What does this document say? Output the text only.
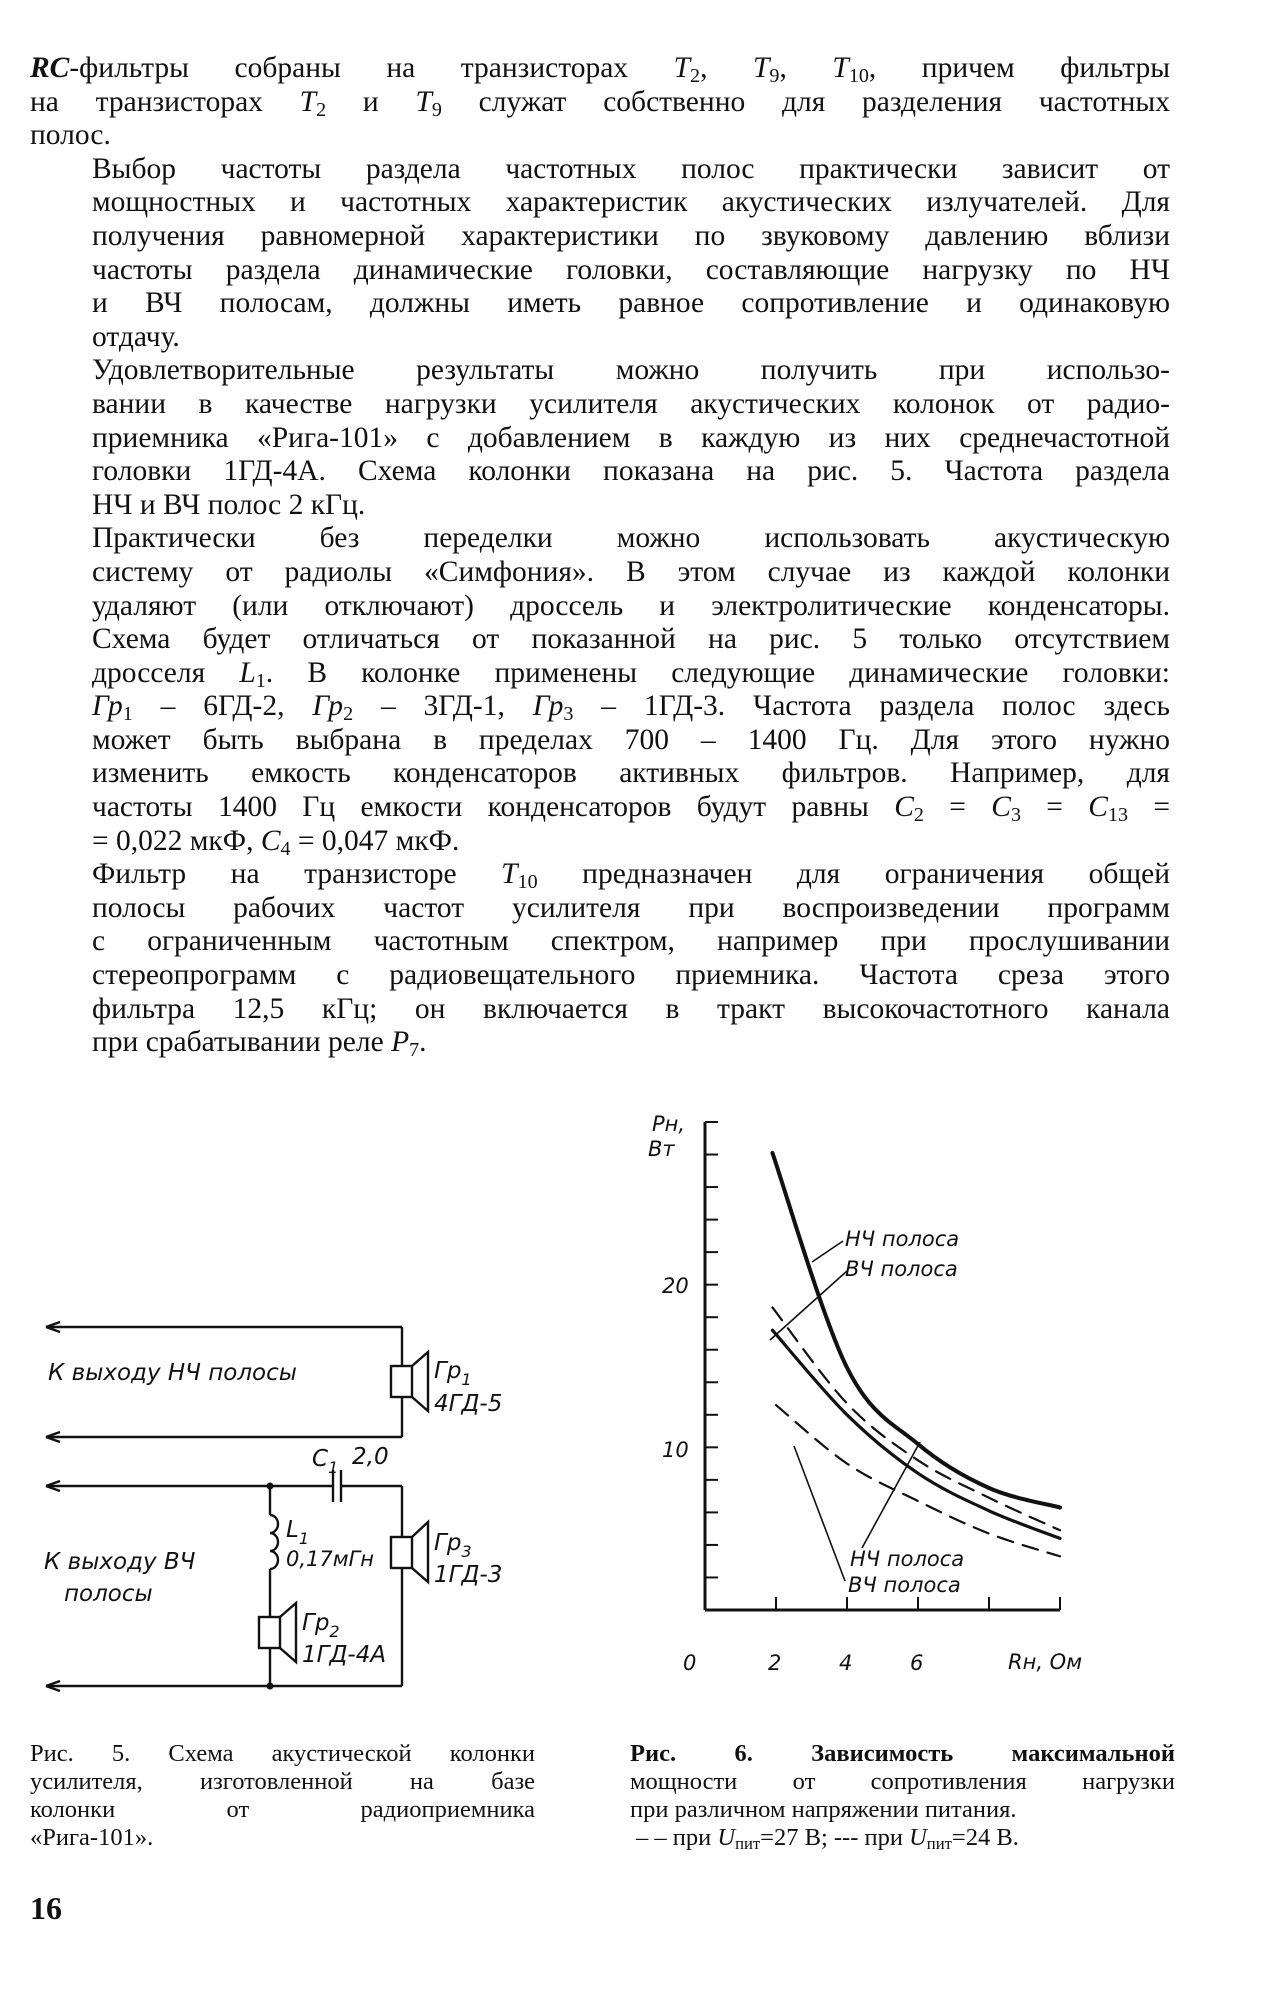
RC-фильтры собраны на транзисторах $T_2$, $T_9$, $T_{10}$, причем фильтры
на транзисторах $T_2$ и $T_9$ служат собственно для разделения частотных
полос.

Выбор частоты раздела частотных полос практически зависит от
мощностных и частотных характеристик акустических излучателей. Для
получения равномерной характеристики по звуковому давлению вблизи
частоты раздела динамические головки, составляющие нагрузку по НЧ
и ВЧ полосам, должны иметь равное сопротивление и одинаковую
отдачу.

Удовлетворительные результаты можно получить при использо-
вании в качестве нагрузки усилителя акустических колонок от радио-
приемника «Рига-101» с добавлением в каждую из них среднечастотной
головки 1ГД-4А. Схема колонки показана на рис. 5. Частота раздела
НЧ и ВЧ полос 2 кГц.

Практически без переделки можно использовать акустическую
систему от радиолы «Симфония». В этом случае из каждой колонки
удаляют (или отключают) дроссель и электролитические конденсаторы.
Схема будет отличаться от показанной на рис. 5 только отсутствием
дросселя $L_1$. В колонке применены следующие динамические головки:
$Гр_1 - 6ГД-2$, $Гр_2 - 3ГД-1$, $Гр_3 - 1ГД-3$. Частота раздела полос здесь
может быть выбрана в пределах 700 – 1400 Гц. Для этого нужно
изменить емкость конденсаторов активных фильтров. Например, для
частоты 1400 Гц емкости конденсаторов будут равны $C_2 = C_3 = C_{13}$ =
= 0,022 мкФ, $C_4 = 0,047$ мкФ.

Фильтр на транзисторе $T_{10}$ предназначен для ограничения общей
полосы рабочих частот усилителя при воспроизведении программ
с ограниченным частотным спектром, например при прослушивании
стереопрограмм с радиовещательного приемника. Частота среза этого
фильтра 12,5 кГц; он включается в тракт высокочастотного канала
при срабатывании реле $P_7$.

К выходу НЧ полосы	$Гр_1$
4ГД-5
$C_1$ 2,0
$L_1$
0,17мГн
$Гр_3$
1ГД-3
К выходу ВЧ
полосы
$Гр_2$
1ГД-4А
Pн,
Вт
Rн, Ом
20
10
0	2	4	6
НЧ полоса
ВЧ полоса
НЧ полоса
ВЧ полоса
Рис. 5. Схема акустической колонки
усилителя, изготовленной на базе
колонки от радиоприемника
«Рига-101».
Рис. 6. Зависимость максимальной
мощности от сопротивления нагрузки
при различном напряжении питания.
– – при $U_{пит}=27$ В; --- при $U_{пит}=24$ В.
16
